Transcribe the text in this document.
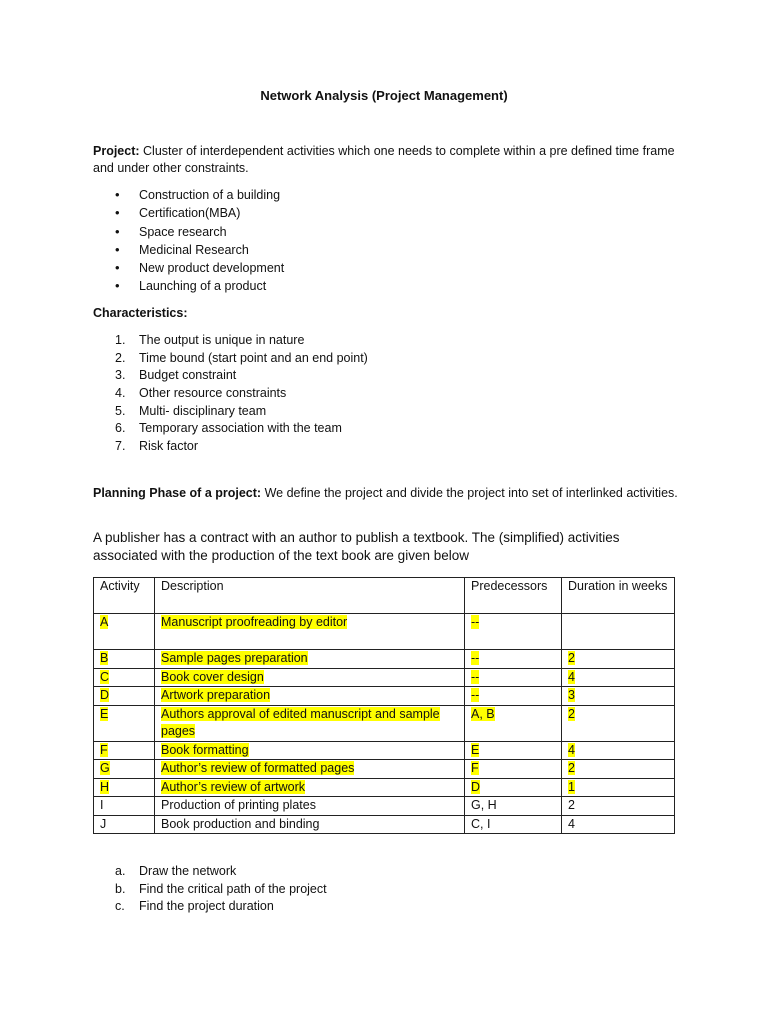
Network Analysis (Project Management)
Project: Cluster of interdependent activities which one needs to complete within a pre defined time frame and under other constraints.
• Construction of a building
• Certification(MBA)
• Space research
• Medicinal Research
• New product development
• Launching of a product
Characteristics:
1. The output is unique in nature
2. Time bound (start point and an end point)
3. Budget constraint
4. Other resource constraints
5. Multi- disciplinary team
6. Temporary association with the team
7. Risk factor
Planning Phase of a project: We define the project and divide the project into set of interlinked activities.
A publisher has a contract with an author to publish a textbook. The (simplified) activities associated with the production of the text book are given below
Activity	Description	Predecessors	Duration in weeks
A	Manuscript proofreading by editor	--	
B	Sample pages preparation	--	2
C	Book cover design	--	4
D	Artwork preparation	--	3
E	Authors approval of edited manuscript and sample pages	A, B	2
F	Book formatting	E	4
G	Author’s review of formatted pages	F	2
H	Author’s review of artwork	D	1
I	Production of printing plates	G, H	2
J	Book production and binding	C, I	4
a. Draw the network
b. Find the critical path of the project
c. Find the project duration
